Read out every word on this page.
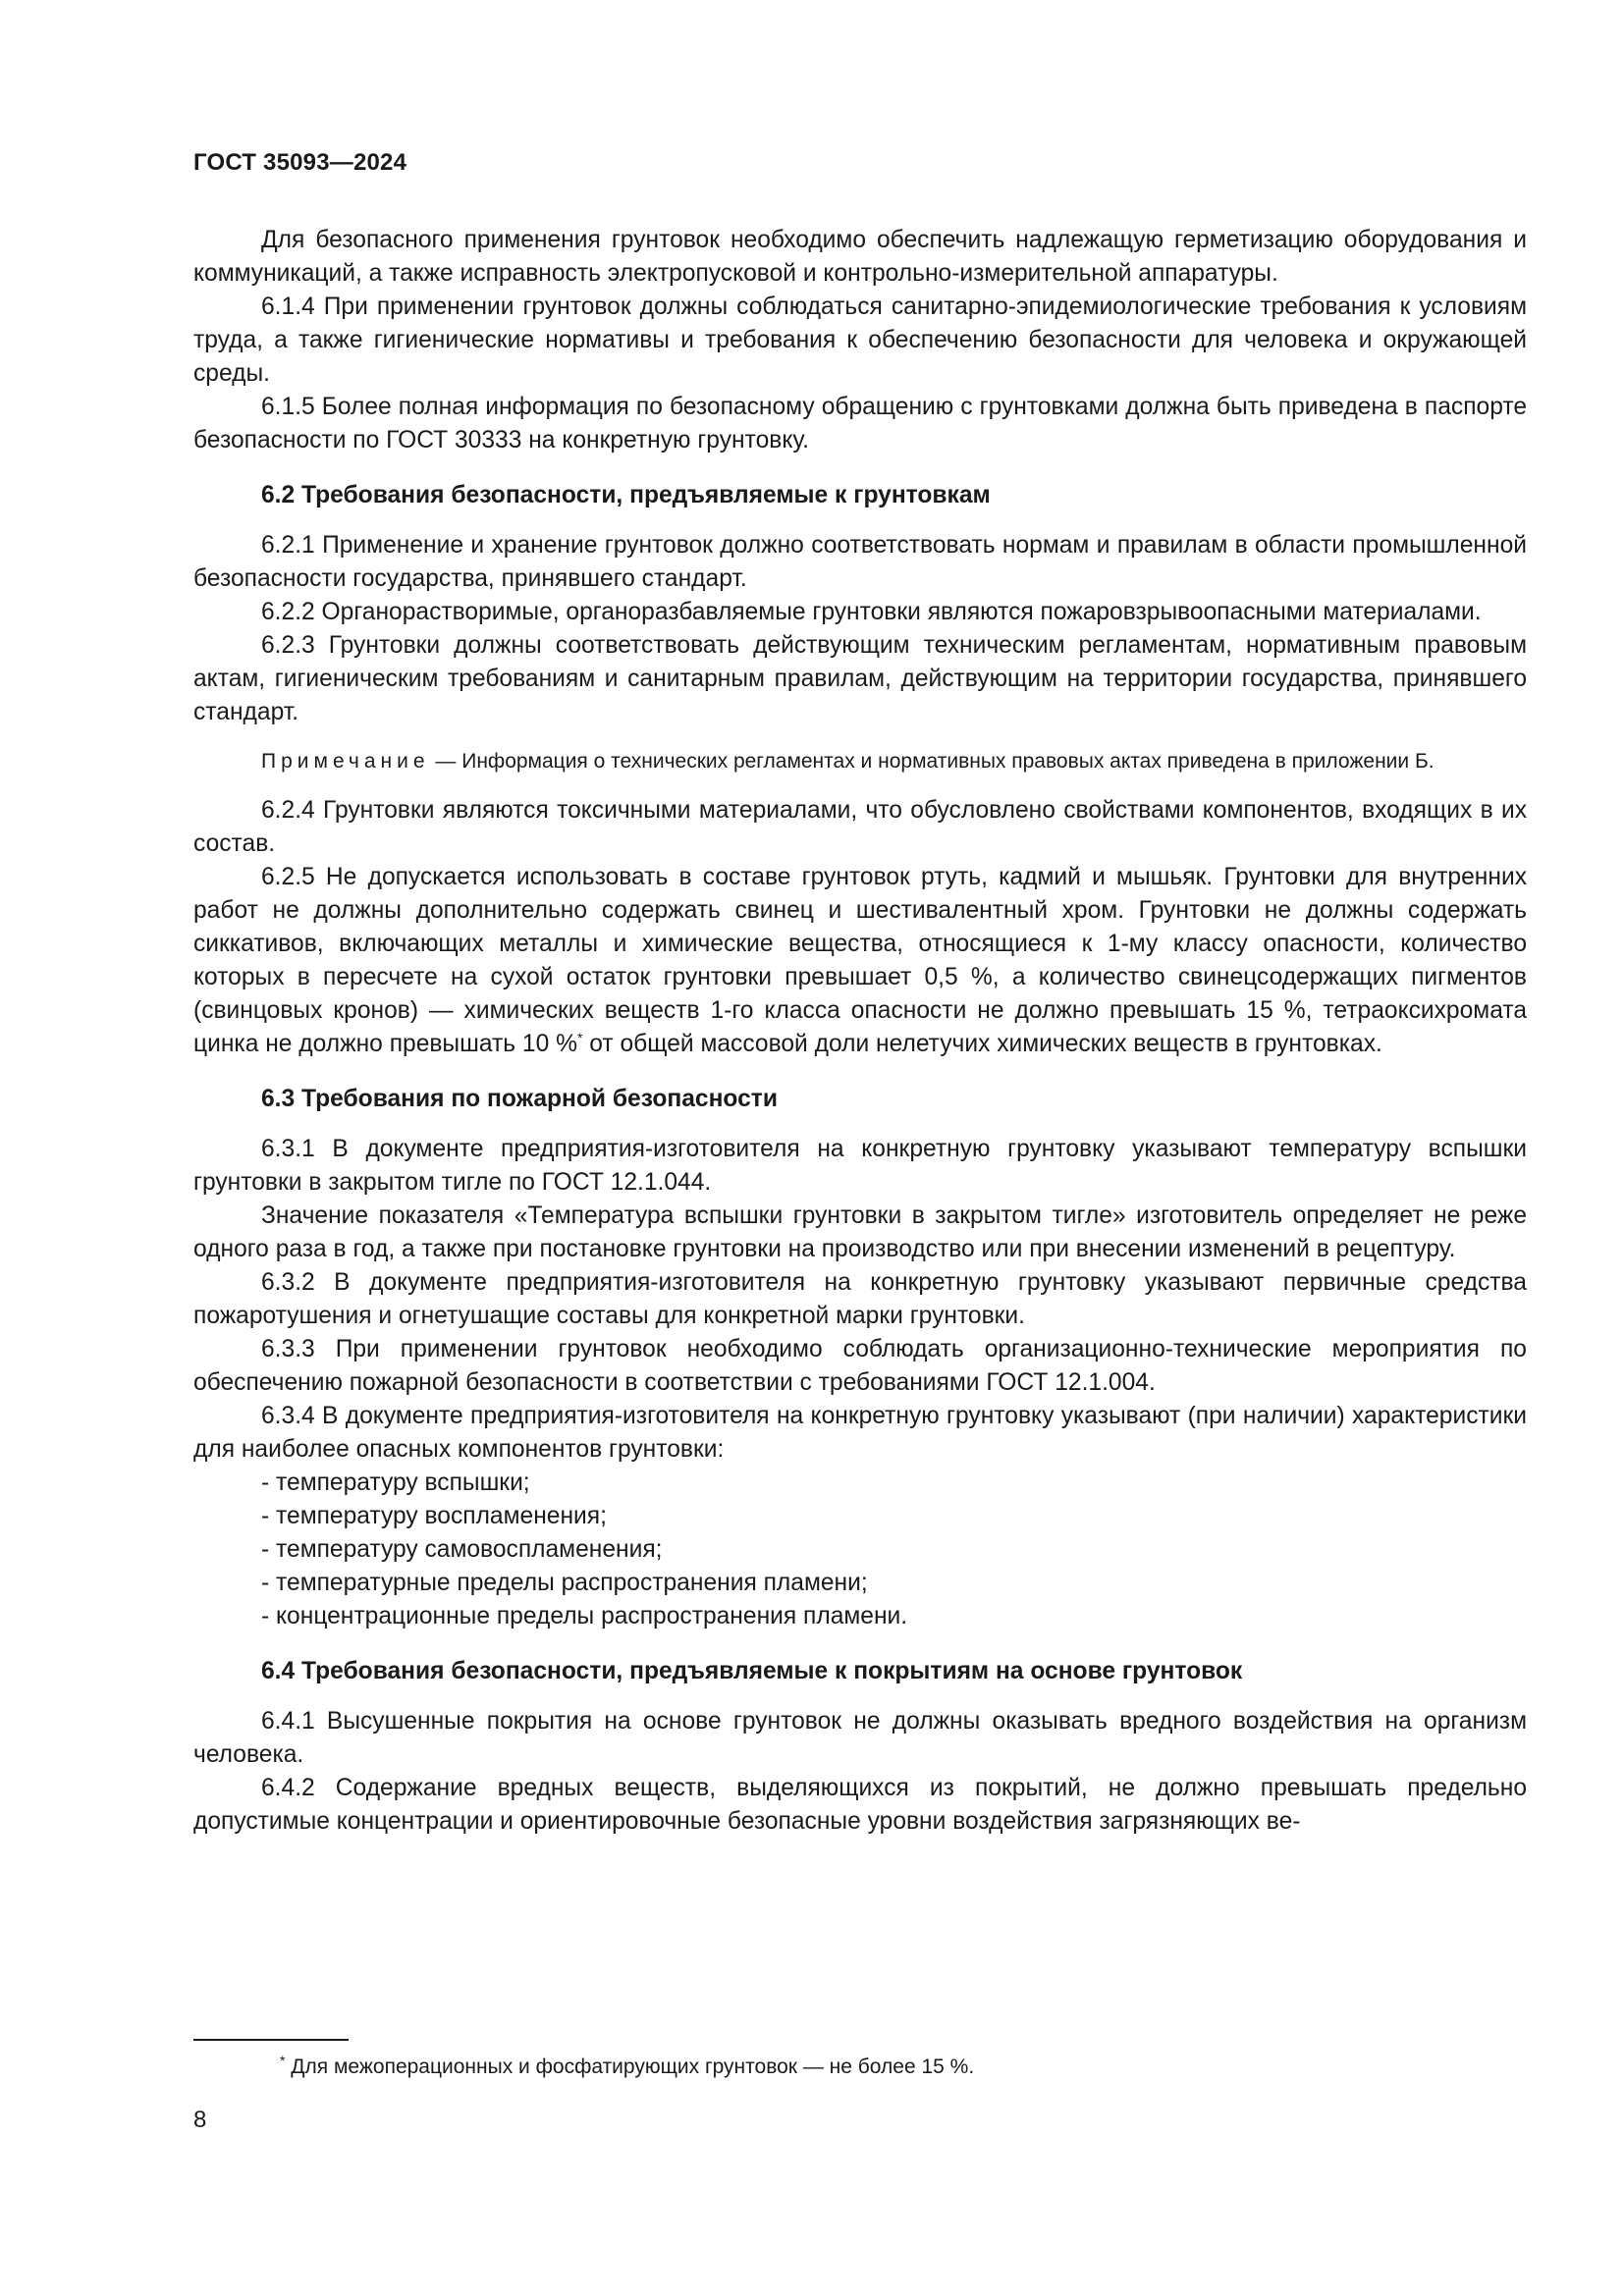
ГОСТ 35093—2024

Для безопасного применения грунтовок необходимо обеспечить надлежащую герметизацию оборудования и коммуникаций, а также исправность электропусковой и контрольно-измерительной аппаратуры.

6.1.4 При применении грунтовок должны соблюдаться санитарно-эпидемиологические требования к условиям труда, а также гигиенические нормативы и требования к обеспечению безопасности для человека и окружающей среды.

6.1.5 Более полная информация по безопасному обращению с грунтовками должна быть приведена в паспорте безопасности по ГОСТ 30333 на конкретную грунтовку.

6.2 Требования безопасности, предъявляемые к грунтовкам

6.2.1 Применение и хранение грунтовок должно соответствовать нормам и правилам в области промышленной безопасности государства, принявшего стандарт.

6.2.2 Органорастворимые, органоразбавляемые грунтовки являются пожаровзрывоопасными материалами.

6.2.3 Грунтовки должны соответствовать действующим техническим регламентам, нормативным правовым актам, гигиеническим требованиям и санитарным правилам, действующим на территории государства, принявшего стандарт.

Примечание — Информация о технических регламентах и нормативных правовых актах приведена в приложении Б.

6.2.4 Грунтовки являются токсичными материалами, что обусловлено свойствами компонентов, входящих в их состав.

6.2.5 Не допускается использовать в составе грунтовок ртуть, кадмий и мышьяк. Грунтовки для внутренних работ не должны дополнительно содержать свинец и шестивалентный хром. Грунтовки не должны содержать сиккативов, включающих металлы и химические вещества, относящиеся к 1-му классу опасности, количество которых в пересчете на сухой остаток грунтовки превышает 0,5 %, а количество свинецсодержащих пигментов (свинцовых кронов) — химических веществ 1-го класса опасности не должно превышать 15 %, тетраоксихромата цинка не должно превышать 10 %* от общей массовой доли нелетучих химических веществ в грунтовках.

6.3 Требования по пожарной безопасности

6.3.1 В документе предприятия-изготовителя на конкретную грунтовку указывают температуру вспышки грунтовки в закрытом тигле по ГОСТ 12.1.044.

Значение показателя «Температура вспышки грунтовки в закрытом тигле» изготовитель определяет не реже одного раза в год, а также при постановке грунтовки на производство или при внесении изменений в рецептуру.

6.3.2 В документе предприятия-изготовителя на конкретную грунтовку указывают первичные средства пожаротушения и огнетушащие составы для конкретной марки грунтовки.

6.3.3 При применении грунтовок необходимо соблюдать организационно-технические мероприятия по обеспечению пожарной безопасности в соответствии с требованиями ГОСТ 12.1.004.

6.3.4 В документе предприятия-изготовителя на конкретную грунтовку указывают (при наличии) характеристики для наиболее опасных компонентов грунтовки:

- температуру вспышки;

- температуру воспламенения;

- температуру самовоспламенения;

- температурные пределы распространения пламени;

- концентрационные пределы распространения пламени.

6.4 Требования безопасности, предъявляемые к покрытиям на основе грунтовок

6.4.1 Высушенные покрытия на основе грунтовок не должны оказывать вредного воздействия на организм человека.

6.4.2 Содержание вредных веществ, выделяющихся из покрытий, не должно превышать предельно допустимые концентрации и ориентировочные безопасные уровни воздействия загрязняющих ве-

* Для межоперационных и фосфатирующих грунтовок — не более 15 %.
8
